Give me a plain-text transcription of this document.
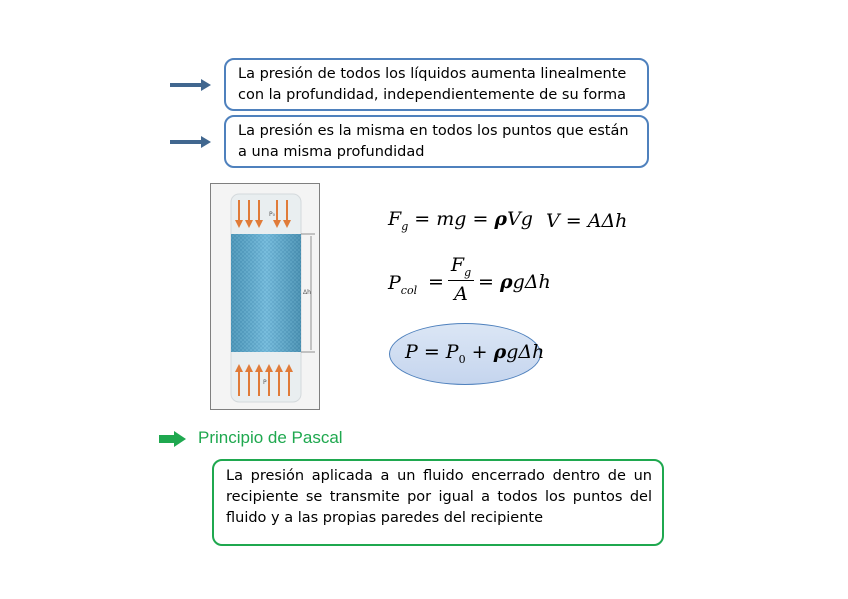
La presión de todos los líquidos aumenta linealmente
con la profundidad, independientemente de su forma
La presión es la misma en todos los puntos que están
a una misma profundidad
P₀
Δh
P
$F_g$ = mg = ρVg V = AΔh
$P_{col}$ =
$F_g$
A
= ρgΔh
$P = P_0 + \rho g\Delta h$
Principio de Pascal
La presión aplicada a un fluido encerrado dentro de un
recipiente se transmite por igual a todos los puntos del
fluido y a las propias paredes del recipiente
